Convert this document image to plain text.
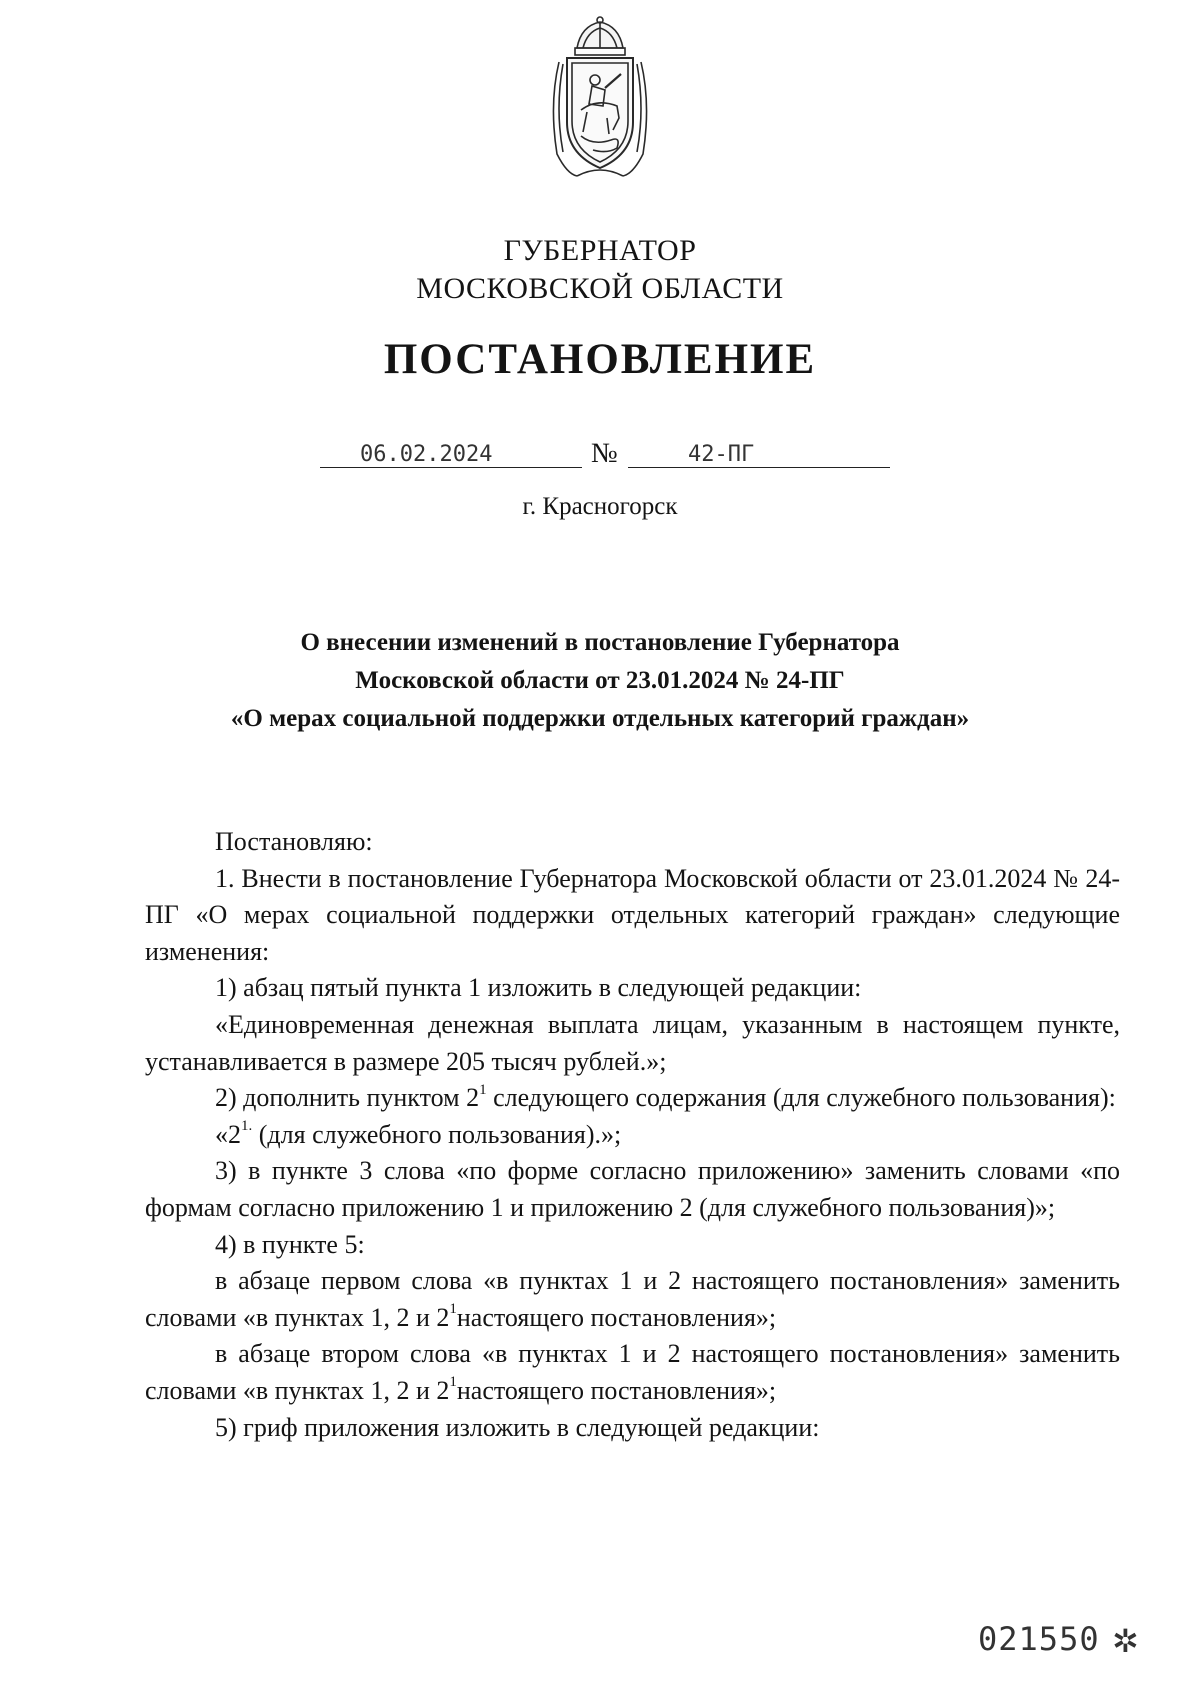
ГУБЕРНАТОР
МОСКОВСКОЙ ОБЛАСТИ
ПОСТАНОВЛЕНИЕ
06.02.2024	№	42-ПГ
г. Красногорск
О внесении изменений в постановление Губернатора
Московской области от 23.01.2024 № 24-ПГ
«О мерах социальной поддержки отдельных категорий граждан»

Постановляю:

1. Внести в постановление Губернатора Московской области от 23.01.2024 № 24-ПГ «О мерах социальной поддержки отдельных категорий граждан» следующие изменения:

1) абзац пятый пункта 1 изложить в следующей редакции:

«Единовременная денежная выплата лицам, указанным в настоящем пункте, устанавливается в размере 205 тысяч рублей.»;

2) дополнить пунктом $2^1$ следующего содержания (для служебного пользования):

«$2^{1.}$ (для служебного пользования).»;

3) в пункте 3 слова «по форме согласно приложению» заменить словами «по формам согласно приложению 1 и приложению 2 (для служебного пользования)»;

4) в пункте 5:

в абзаце первом слова «в пунктах 1 и 2 настоящего постановления» заменить словами «в пунктах 1, 2 и $2^1настоящего$ постановления»;

в абзаце втором слова «в пунктах 1 и 2 настоящего постановления» заменить словами «в пунктах 1, 2 и $2^1настоящего$ постановления»;

5) гриф приложения изложить в следующей редакции:

021550 ✲
